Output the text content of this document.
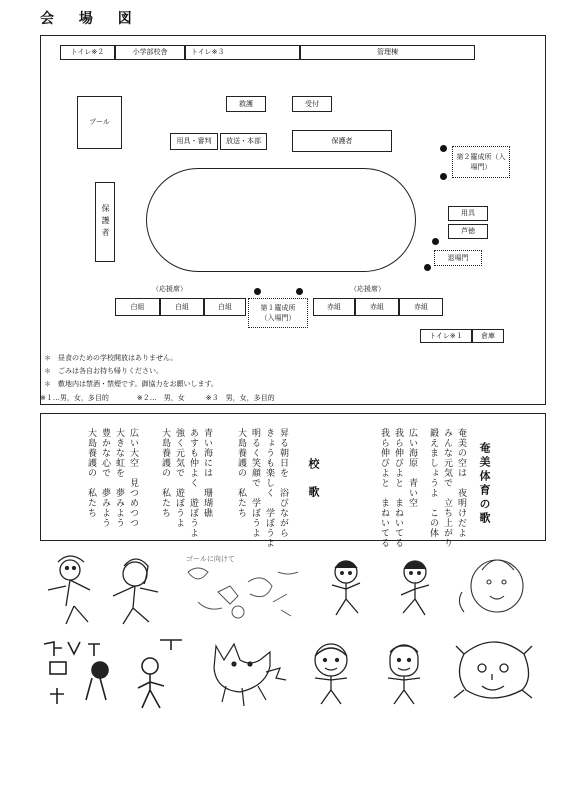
会 場 図
トイレ※２	小学部校舎	トイレ※３	管理棟
プール
救護	受付
用具・審判	放送・本部	保護者
保護者
第２羅成所（入場門）
用具
芦徳
退場門
（応援席）	（応援席）
白組	白組	白組	赤組	赤組	赤組
第１羅成所（入場門）
トイレ※１	倉庫
＊　昼食のための学校開放はありません。
＊　ごみは各自お持ち帰りください。
＊　敷地内は禁酒・禁煙です。御協力をお願いします。
※１…男，女，多目的　　　　※２…　男，女　　　※３　男，女，多目的
奄美体育の歌
奄美の空は　夜明けだよ
みんな元気で　立ち上がり
鍛えましょうよ　この体
広い海原　青い空
我ら伸びよと　まねいてる
我ら伸びよと　まねいてる
校　歌
昇る朝日を　浴びながら
きょうも楽しく　学ぼうよ
明るく笑顔で　学ぼうよ
大島養護の　私たち
青い海には　珊瑚礁
あすも仲よく　遊ぼうよ
強く元気で　遊ぼうよ
大島養護の　私たち
広い大空　見つめつつ
大きな虹を　夢みよう
豊かな心で　夢みよう
大島養護の　私たち
ゴールに向けて
